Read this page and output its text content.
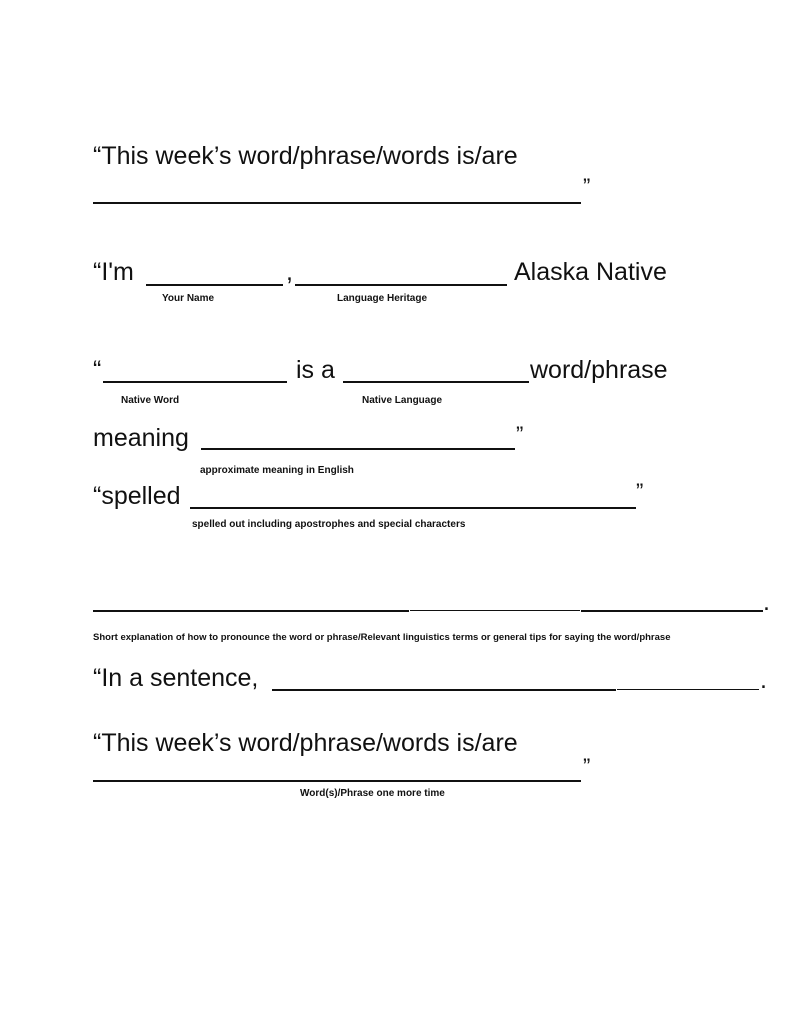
“This week’s word/phrase/words is/are
”
“I'm	,	Alaska Native
Your Name	Language Heritage
“	is a	word/phrase
Native Word	Native Language
meaning	”
approximate meaning in English
“spelled	”
spelled out including apostrophes and special characters
.
Short explanation of how to pronounce the word or phrase/Relevant linguistics terms or general tips for saying the word/phrase
“In a sentence,	.
“This week’s word/phrase/words is/are
”
Word(s)/Phrase one more time
